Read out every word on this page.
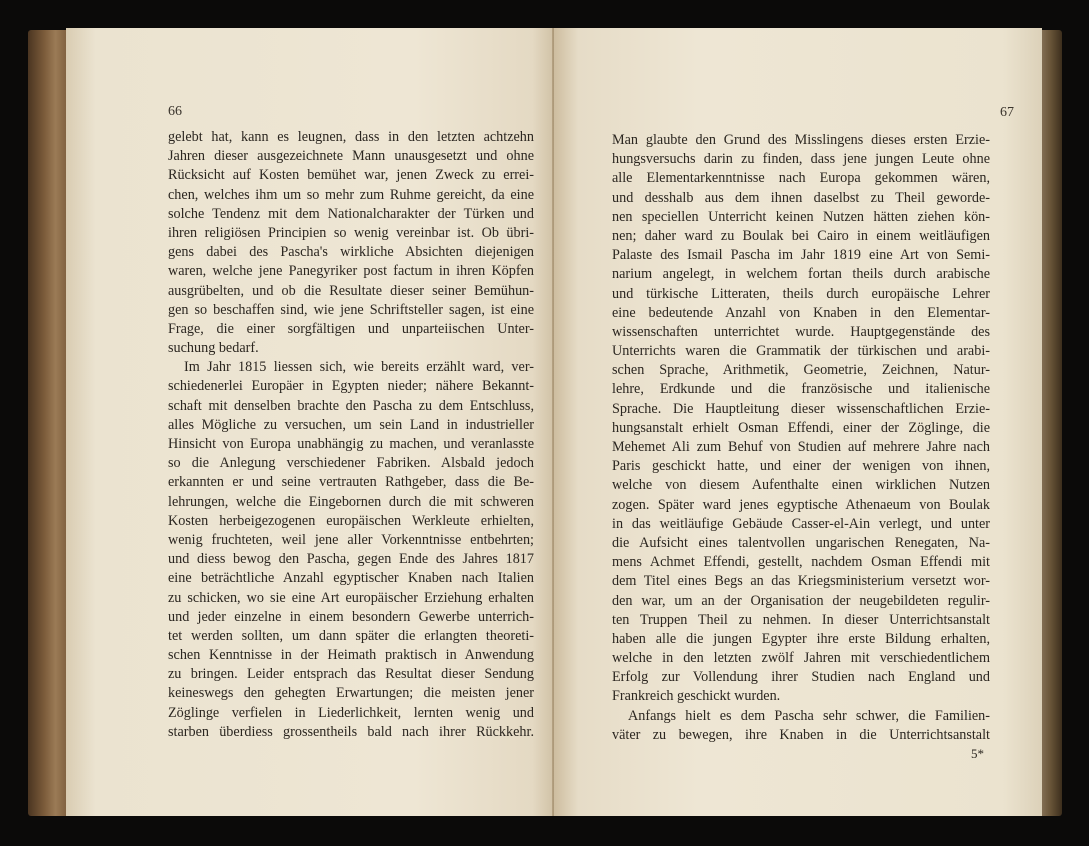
66
gelebt hat, kann es leugnen, dass in den letzten achtzehn
Jahren dieser ausgezeichnete Mann unausgesetzt und ohne
Rücksicht auf Kosten bemühet war, jenen Zweck zu errei-
chen, welches ihm um so mehr zum Ruhme gereicht, da eine
solche Tendenz mit dem Nationalcharakter der Türken und
ihren religiösen Principien so wenig vereinbar ist. Ob übri-
gens dabei des Pascha's wirkliche Absichten diejenigen
waren, welche jene Panegyriker post factum in ihren Köpfen
ausgrübelten, und ob die Resultate dieser seiner Bemühun-
gen so beschaffen sind, wie jene Schriftsteller sagen, ist eine
Frage, die einer sorgfältigen und unparteiischen Unter-
suchung bedarf.
Im Jahr 1815 liessen sich, wie bereits erzählt ward, ver-
schiedenerlei Europäer in Egypten nieder; nähere Bekannt-
schaft mit denselben brachte den Pascha zu dem Entschluss,
alles Mögliche zu versuchen, um sein Land in industrieller
Hinsicht von Europa unabhängig zu machen, und veranlasste
so die Anlegung verschiedener Fabriken. Alsbald jedoch
erkannten er und seine vertrauten Rathgeber, dass die Be-
lehrungen, welche die Eingebornen durch die mit schweren
Kosten herbeigezogenen europäischen Werkleute erhielten,
wenig fruchteten, weil jene aller Vorkenntnisse entbehrten;
und diess bewog den Pascha, gegen Ende des Jahres 1817
eine beträchtliche Anzahl egyptischer Knaben nach Italien
zu schicken, wo sie eine Art europäischer Erziehung erhalten
und jeder einzelne in einem besondern Gewerbe unterrich-
tet werden sollten, um dann später die erlangten theoreti-
schen Kenntnisse in der Heimath praktisch in Anwendung
zu bringen. Leider entsprach das Resultat dieser Sendung
keineswegs den gehegten Erwartungen; die meisten jener
Zöglinge verfielen in Liederlichkeit, lernten wenig und
starben überdiess grossentheils bald nach ihrer Rückkehr.
67
Man glaubte den Grund des Misslingens dieses ersten Erzie-
hungsversuchs darin zu finden, dass jene jungen Leute ohne
alle Elementarkenntnisse nach Europa gekommen wären,
und desshalb aus dem ihnen daselbst zu Theil geworde-
nen speciellen Unterricht keinen Nutzen hätten ziehen kön-
nen; daher ward zu Boulak bei Cairo in einem weitläufigen
Palaste des Ismail Pascha im Jahr 1819 eine Art von Semi-
narium angelegt, in welchem fortan theils durch arabische
und türkische Litteraten, theils durch europäische Lehrer
eine bedeutende Anzahl von Knaben in den Elementar-
wissenschaften unterrichtet wurde. Hauptgegenstände des
Unterrichts waren die Grammatik der türkischen und arabi-
schen Sprache, Arithmetik, Geometrie, Zeichnen, Natur-
lehre, Erdkunde und die französische und italienische
Sprache. Die Hauptleitung dieser wissenschaftlichen Erzie-
hungsanstalt erhielt Osman Effendi, einer der Zöglinge, die
Mehemet Ali zum Behuf von Studien auf mehrere Jahre nach
Paris geschickt hatte, und einer der wenigen von ihnen,
welche von diesem Aufenthalte einen wirklichen Nutzen
zogen. Später ward jenes egyptische Athenaeum von Boulak
in das weitläufige Gebäude Casser-el-Ain verlegt, und unter
die Aufsicht eines talentvollen ungarischen Renegaten, Na-
mens Achmet Effendi, gestellt, nachdem Osman Effendi mit
dem Titel eines Begs an das Kriegsministerium versetzt wor-
den war, um an der Organisation der neugebildeten regulir-
ten Truppen Theil zu nehmen. In dieser Unterrichtsanstalt
haben alle die jungen Egypter ihre erste Bildung erhalten,
welche in den letzten zwölf Jahren mit verschiedentlichem
Erfolg zur Vollendung ihrer Studien nach England und
Frankreich geschickt wurden.
Anfangs hielt es dem Pascha sehr schwer, die Familien-
väter zu bewegen, ihre Knaben in die Unterrichtsanstalt
5*
